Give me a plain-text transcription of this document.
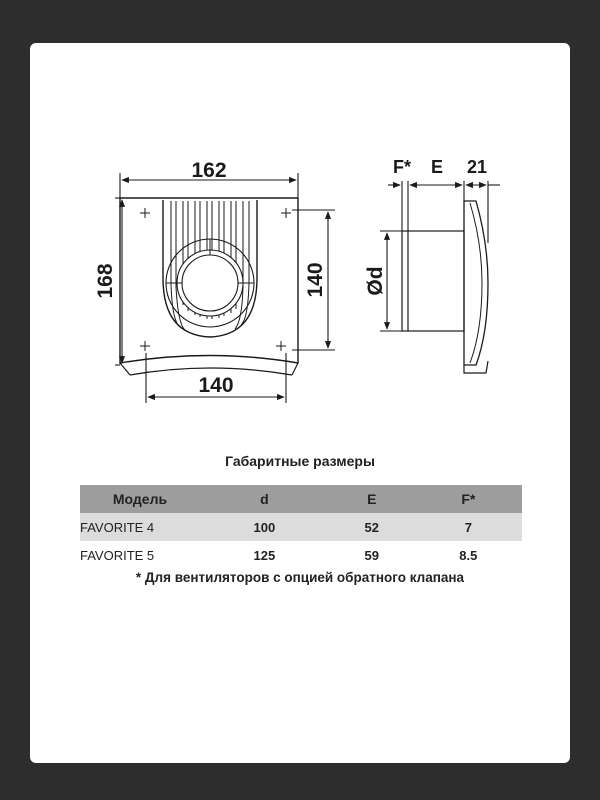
162
168	140
140
F* E 21
Ød
Габаритные размеры
Модель	d	E	F*
FAVORITE 4	100	52	7
FAVORITE 5	125	59	8.5
* Для вентиляторов с опцией обратного клапана
